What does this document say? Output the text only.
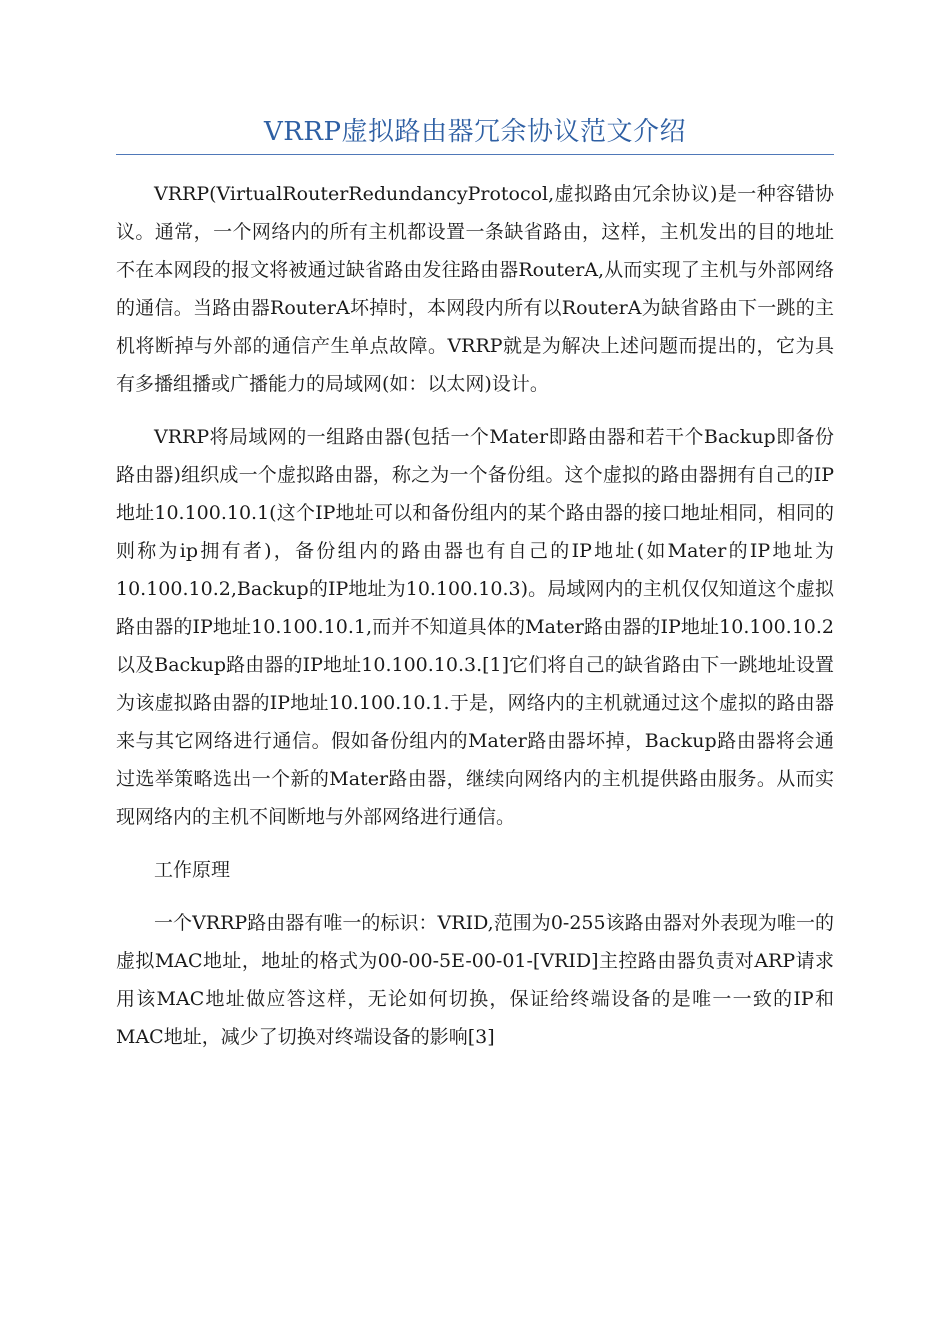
VRRP虚拟路由器冗余协议范文介绍

VRRP(VirtualRouterRedundancyProtocol,虚拟路由冗余协议)是一种容错协议。通常，一个网络内的所有主机都设置一条缺省路由，这样，主机发出的目的地址不在本网段的报文将被通过缺省路由发往路由器RouterA,从而实现了主机与外部网络的通信。当路由器RouterA坏掉时，本网段内所有以RouterA为缺省路由下一跳的主机将断掉与外部的通信产生单点故障。VRRP就是为解决上述问题而提出的，它为具有多播组播或广播能力的局域网(如：以太网)设计。

VRRP将局域网的一组路由器(包括一个Mater即路由器和若干个Backup即备份路由器)组织成一个虚拟路由器，称之为一个备份组。这个虚拟的路由器拥有自己的IP地址10.100.10.1(这个IP地址可以和备份组内的某个路由器的接口地址相同，相同的则称为ip拥有者)，备份组内的路由器也有自己的IP地址(如Mater的IP地址为10.100.10.2,Backup的IP地址为10.100.10.3)。局域网内的主机仅仅知道这个虚拟路由器的IP地址10.100.10.1,而并不知道具体的Mater路由器的IP地址10.100.10.2以及Backup路由器的IP地址10.100.10.3.[1]它们将自己的缺省路由下一跳地址设置为该虚拟路由器的IP地址10.100.10.1.于是，网络内的主机就通过这个虚拟的路由器来与其它网络进行通信。假如备份组内的Mater路由器坏掉，Backup路由器将会通过选举策略选出一个新的Mater路由器，继续向网络内的主机提供路由服务。从而实现网络内的主机不间断地与外部网络进行通信。

工作原理

一个VRRP路由器有唯一的标识：VRID,范围为0-255该路由器对外表现为唯一的虚拟MAC地址，地址的格式为00-00-5E-00-01-[VRID]主控路由器负责对ARP请求用该MAC地址做应答这样，无论如何切换，保证给终端设备的是唯一一致的IP和MAC地址，减少了切换对终端设备的影响[3]
